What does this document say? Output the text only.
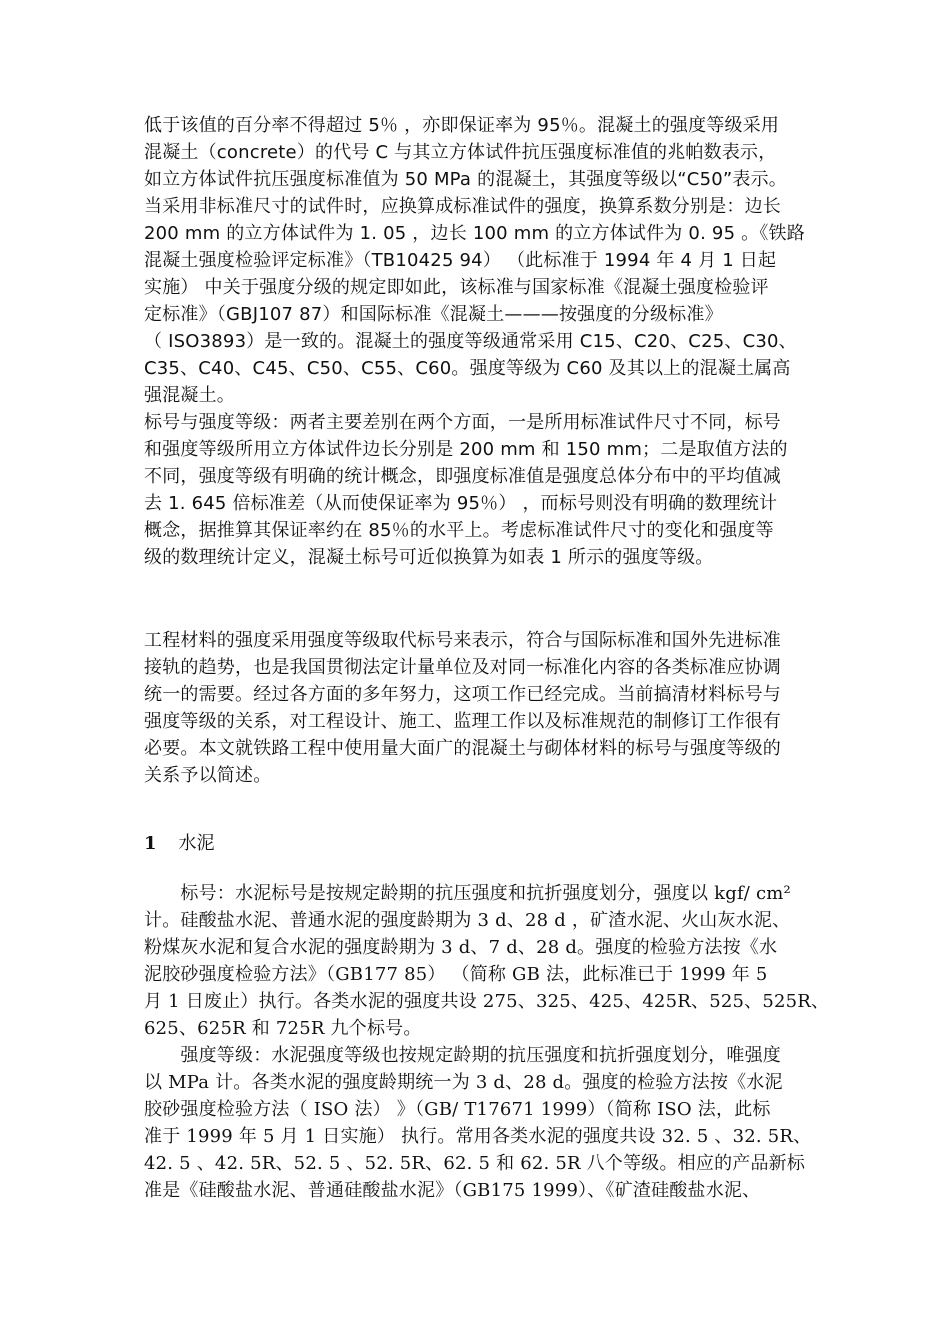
低于该值的百分率不得超过 5％ ，亦即保证率为 95％。混凝土的强度等级采用
混凝土（concrete）的代号 C 与其立方体试件抗压强度标准值的兆帕数表示，
如立方体试件抗压强度标准值为 50 MPa 的混凝土，其强度等级以“C50”表示。
当采用非标准尺寸的试件时，应换算成标准试件的强度，换算系数分别是：边长
200 mm 的立方体试件为 1. 05 ，边长 100 mm 的立方体试件为 0. 95 。《铁路
混凝土强度检验评定标准》（TB10425 94） （此标准于 1994 年 4 月 1 日起
实施） 中关于强度分级的规定即如此，该标准与国家标准《混凝土强度检验评
定标准》（GBJ107 87）和国际标准《混凝土———按强度的分级标准》
（ ISO3893）是一致的。混凝土的强度等级通常采用 C15、C20、C25、C30、
C35、C40、C45、C50、C55、C60。强度等级为 C60 及其以上的混凝土属高
强混凝土。
标号与强度等级：两者主要差别在两个方面，一是所用标准试件尺寸不同，标号
和强度等级所用立方体试件边长分别是 200 mm 和 150 mm；二是取值方法的
不同，强度等级有明确的统计概念，即强度标准值是强度总体分布中的平均值减
去 1. 645 倍标准差（从而使保证率为 95％） ，而标号则没有明确的数理统计
概念，据推算其保证率约在 85％的水平上。考虑标准试件尺寸的变化和强度等
级的数理统计定义，混凝土标号可近似换算为如表 1 所示的强度等级。
工程材料的强度采用强度等级取代标号来表示，符合与国际标准和国外先进标准
接轨的趋势，也是我国贯彻法定计量单位及对同一标准化内容的各类标准应协调
统一的需要。经过各方面的多年努力，这项工作已经完成。当前搞清材料标号与
强度等级的关系，对工程设计、施工、监理工作以及标准规范的制修订工作很有
必要。本文就铁路工程中使用量大面广的混凝土与砌体材料的标号与强度等级的
关系予以简述。
1 水泥
　　标号：水泥标号是按规定龄期的抗压强度和抗折强度划分，强度以 kgf/ cm²
计。硅酸盐水泥、普通水泥的强度龄期为 3 d、28 d ，矿渣水泥、火山灰水泥、
粉煤灰水泥和复合水泥的强度龄期为 3 d、7 d、28 d。强度的检验方法按《水
泥胶砂强度检验方法》（GB177 85） （简称 GB 法，此标准已于 1999 年 5
月 1 日废止）执行。各类水泥的强度共设 275、325、425、425R、525、525R、
625、625R 和 725R 九个标号。
　　强度等级：水泥强度等级也按规定龄期的抗压强度和抗折强度划分，唯强度
以 MPa 计。各类水泥的强度龄期统一为 3 d、28 d。强度的检验方法按《水泥
胶砂强度检验方法（ ISO 法） 》（GB/ T17671 1999）（简称 ISO 法，此标
准于 1999 年 5 月 1 日实施） 执行。常用各类水泥的强度共设 32. 5 、32. 5R、
42. 5 、42. 5R、52. 5 、52. 5R、62. 5 和 62. 5R 八个等级。相应的产品新标
准是《硅酸盐水泥、普通硅酸盐水泥》（GB175 1999）、《矿渣硅酸盐水泥、
